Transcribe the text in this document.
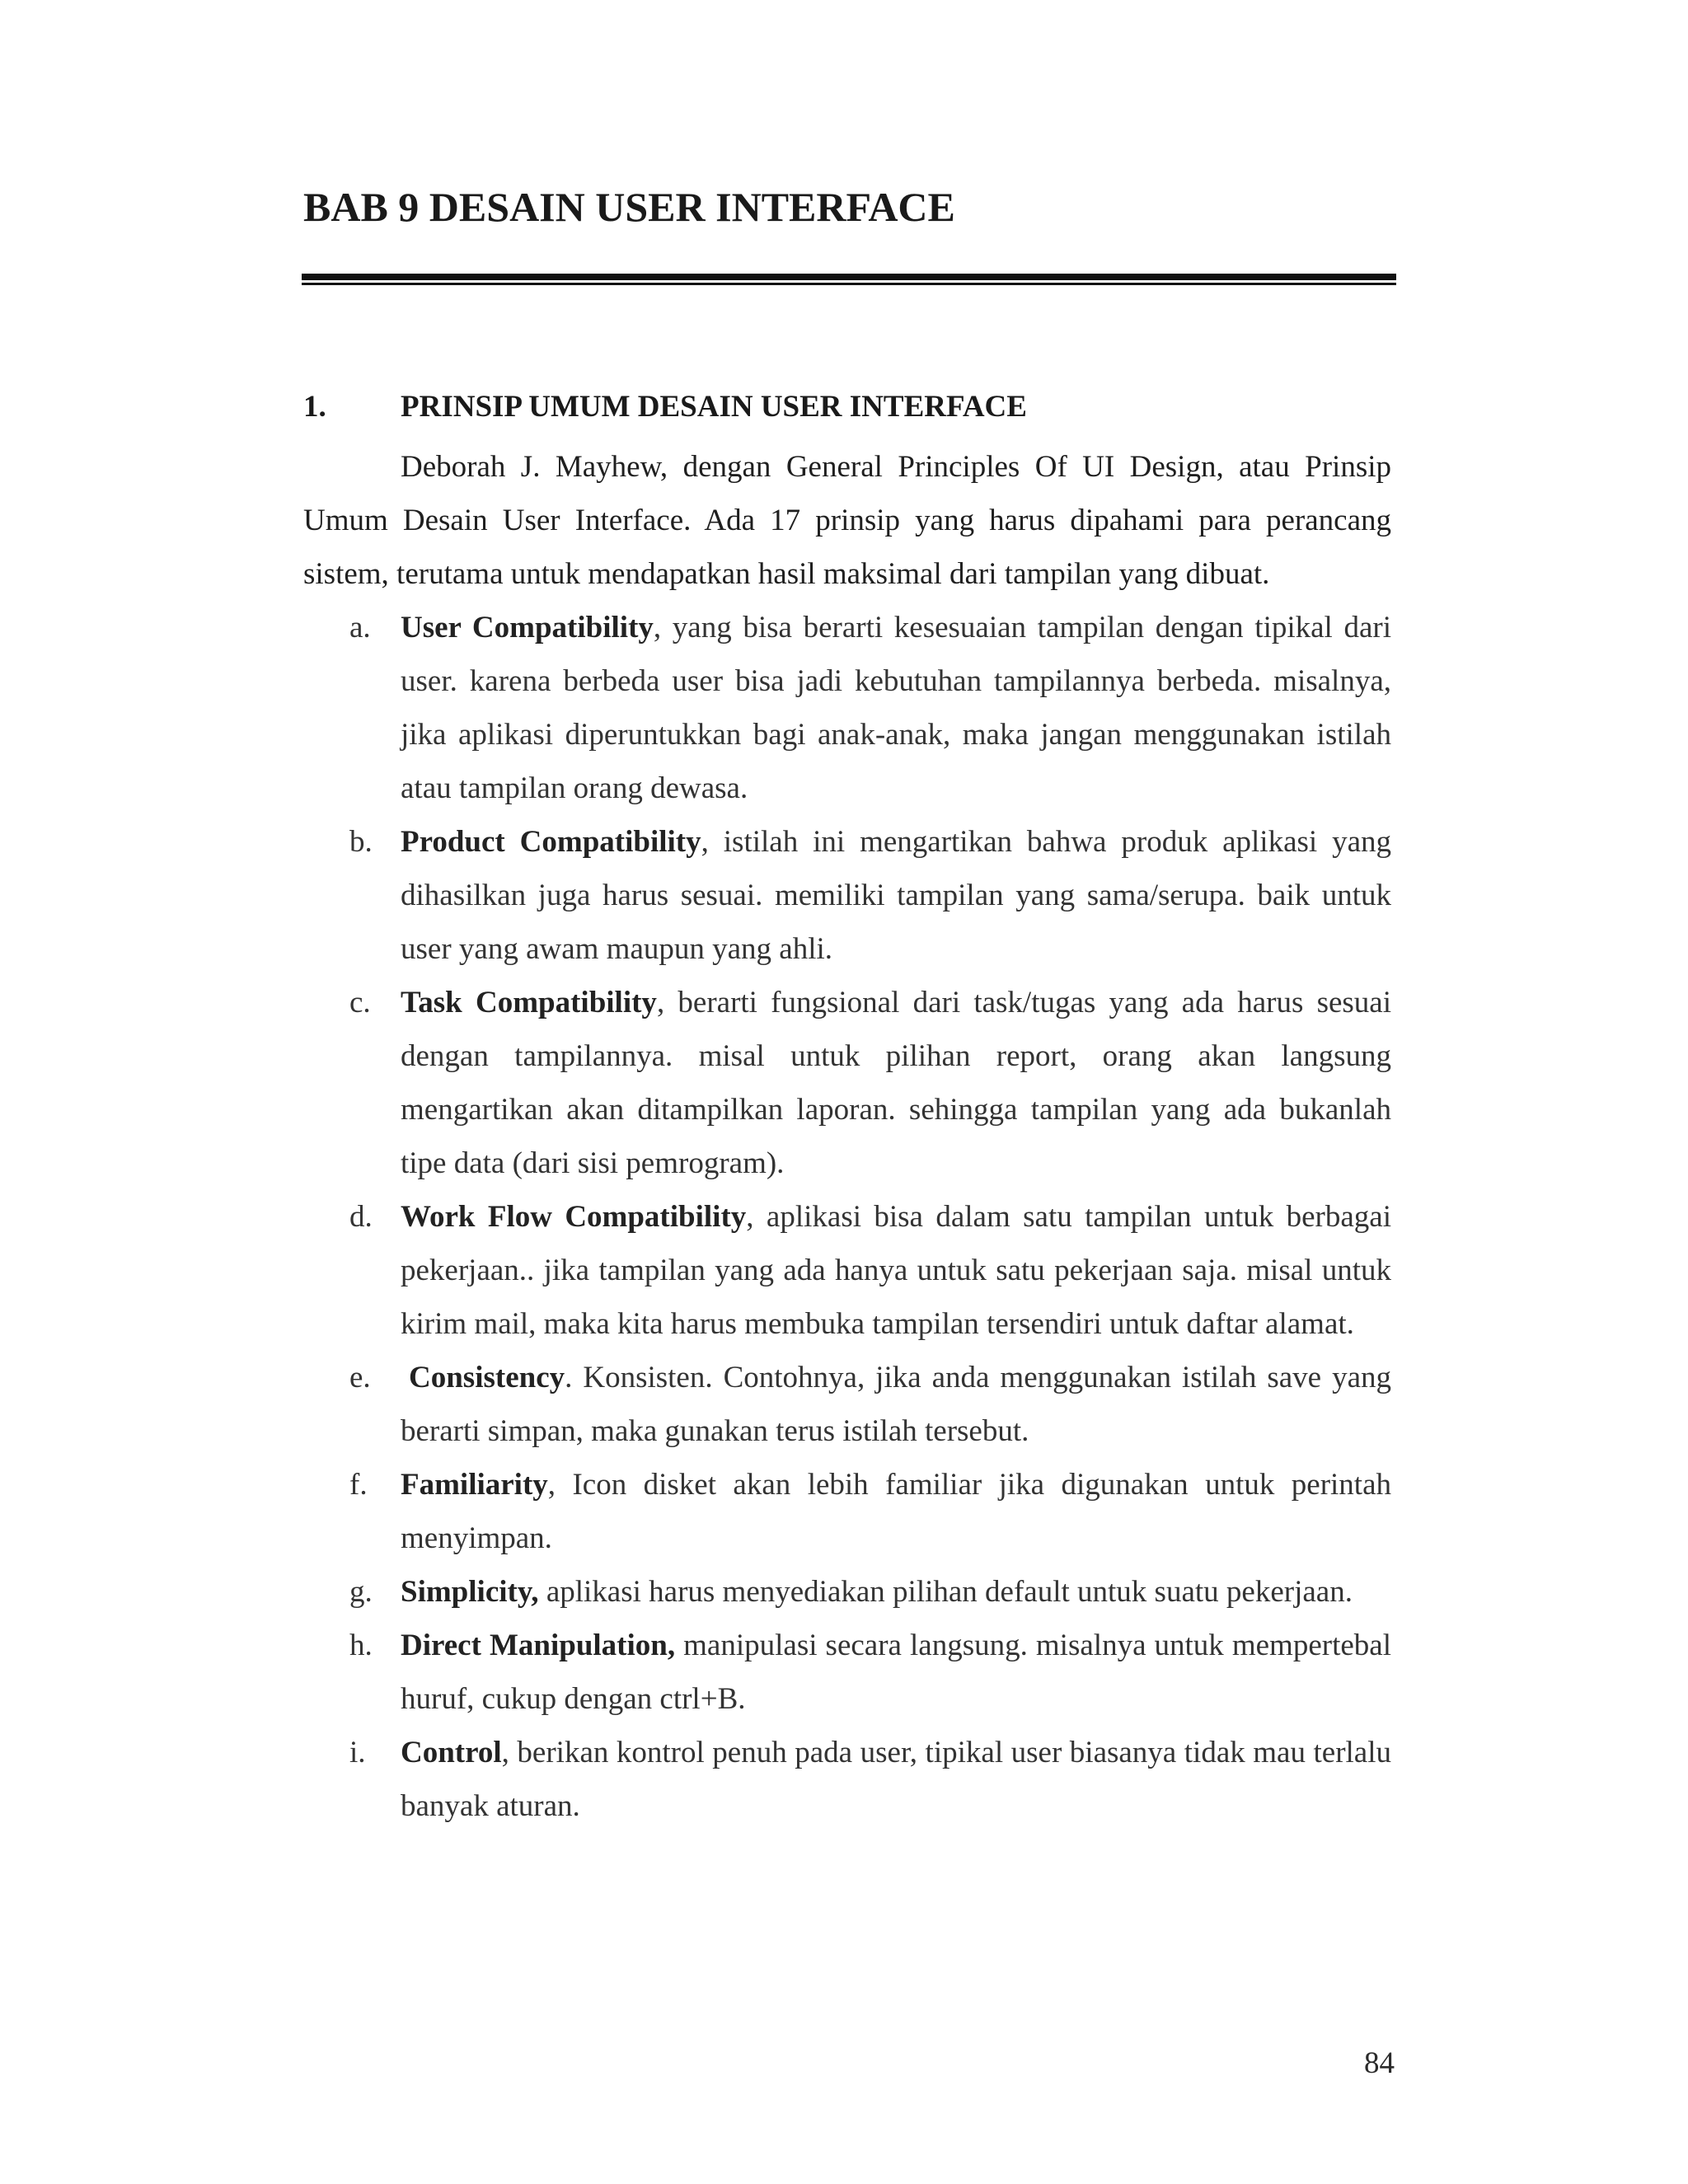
BAB 9 DESAIN USER INTERFACE
1. PRINSIP UMUM DESAIN USER INTERFACE

Deborah J. Mayhew, dengan General Principles Of UI Design, atau Prinsip Umum Desain User Interface. Ada 17 prinsip yang harus dipahami para perancang sistem, terutama untuk mendapatkan hasil maksimal dari tampilan yang dibuat.

a. User Compatibility, yang bisa berarti kesesuaian tampilan dengan tipikal dari user. karena berbeda user bisa jadi kebutuhan tampilannya berbeda. misalnya, jika aplikasi diperuntukkan bagi anak-anak, maka jangan menggunakan istilah atau tampilan orang dewasa.
b. Product Compatibility, istilah ini mengartikan bahwa produk aplikasi yang dihasilkan juga harus sesuai. memiliki tampilan yang sama/serupa. baik untuk user yang awam maupun yang ahli.
c. Task Compatibility, berarti fungsional dari task/tugas yang ada harus sesuai dengan tampilannya. misal untuk pilihan report, orang akan langsung mengartikan akan ditampilkan laporan. sehingga tampilan yang ada bukanlah tipe data (dari sisi pemrogram).
d. Work Flow Compatibility, aplikasi bisa dalam satu tampilan untuk berbagai pekerjaan.. jika tampilan yang ada hanya untuk satu pekerjaan saja. misal untuk kirim mail, maka kita harus membuka tampilan tersendiri untuk daftar alamat.
e. Consistency. Konsisten. Contohnya, jika anda menggunakan istilah save yang berarti simpan, maka gunakan terus istilah tersebut.
f. Familiarity, Icon disket akan lebih familiar jika digunakan untuk perintah menyimpan.
g. Simplicity, aplikasi harus menyediakan pilihan default untuk suatu pekerjaan.
h. Direct Manipulation, manipulasi secara langsung. misalnya untuk mempertebal huruf, cukup dengan ctrl+B.
i. Control, berikan kontrol penuh pada user, tipikal user biasanya tidak mau terlalu banyak aturan.
84
